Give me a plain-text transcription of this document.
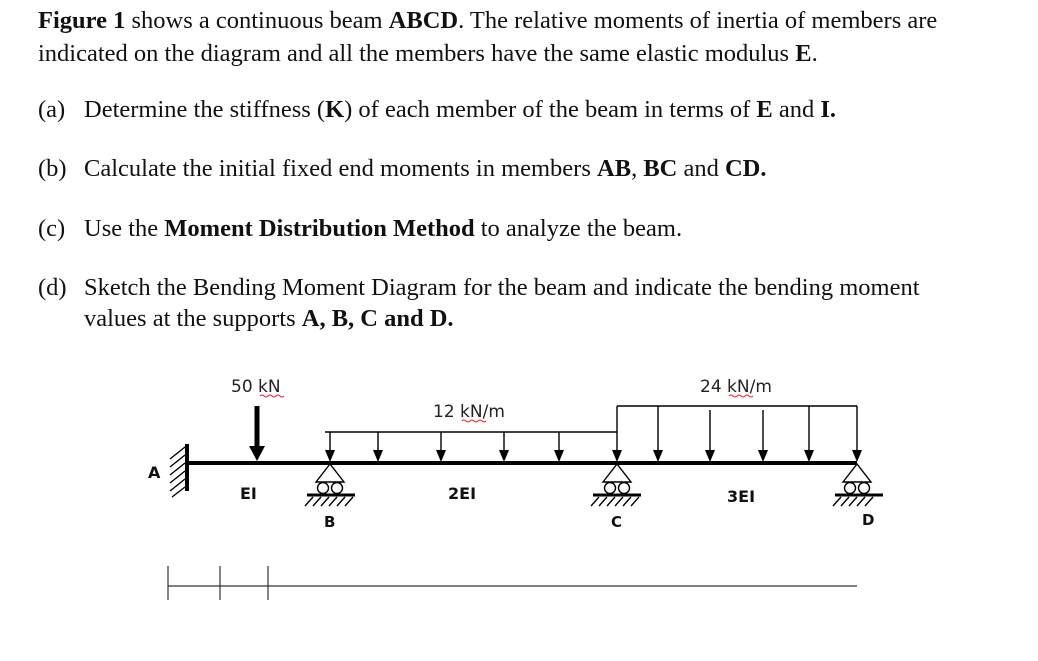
Figure 1 shows a continuous beam ABCD. The relative moments of inertia of members are
indicated on the diagram and all the members have the same elastic modulus E.
(a) Determine the stiffness (K) of each member of the beam in terms of E and I.
(b) Calculate the initial fixed end moments in members AB, BC and CD.
(c) Use the Moment Distribution Method to analyze the beam.
(d) Sketch the Bending Moment Diagram for the beam and indicate the bending moment
values at the supports A, B, C and D.
A
50 kN
12 kN/m
24 kN/m
B	C	D
EI	2EI	3EI
